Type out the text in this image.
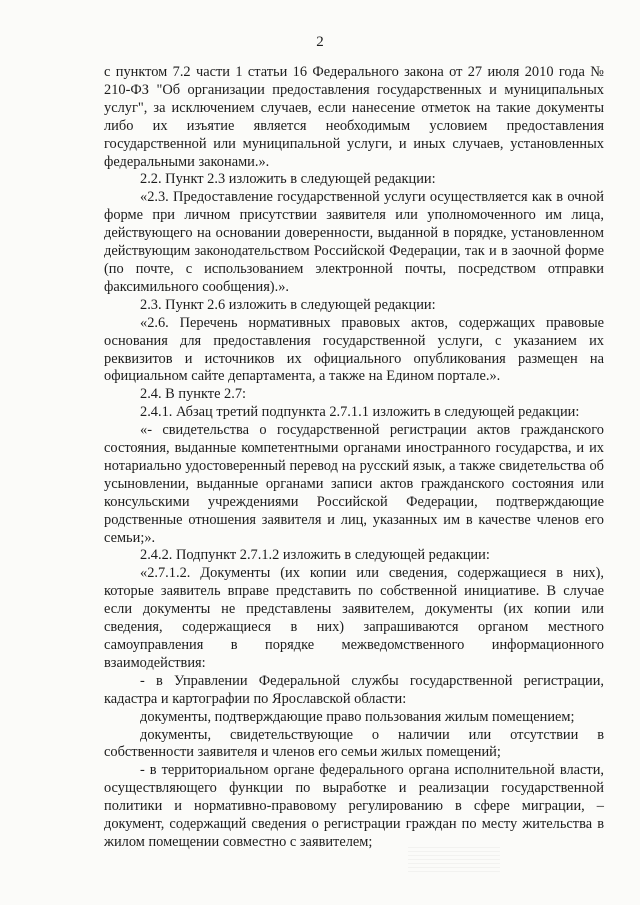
2

с пунктом 7.2 части 1 статьи 16 Федерального закона от 27 июля 2010 года № 210-ФЗ "Об организации предоставления государственных и муниципальных услуг", за исключением случаев, если нанесение отметок на такие документы либо их изъятие является необходимым условием предоставления государственной или муниципальной услуги, и иных случаев, установленных федеральными законами.».

2.2. Пункт 2.3 изложить в следующей редакции:

«2.3. Предоставление государственной услуги осуществляется как в очной форме при личном присутствии заявителя или уполномоченного им лица, действующего на основании доверенности, выданной в порядке, установленном действующим законодательством Российской Федерации, так и в заочной форме (по почте, с использованием электронной почты, посредством отправки факсимильного сообщения).».

2.3. Пункт 2.6 изложить в следующей редакции:

«2.6. Перечень нормативных правовых актов, содержащих правовые основания для предоставления государственной услуги, с указанием их реквизитов и источников их официального опубликования размещен на официальном сайте департамента, а также на Едином портале.».

2.4. В пункте 2.7:

2.4.1. Абзац третий подпункта 2.7.1.1 изложить в следующей редакции:

«- свидетельства о государственной регистрации актов гражданского состояния, выданные компетентными органами иностранного государства, и их нотариально удостоверенный перевод на русский язык, а также свидетельства об усыновлении, выданные органами записи актов гражданского состояния или консульскими учреждениями Российской Федерации, подтверждающие родственные отношения заявителя и лиц, указанных им в качестве членов его семьи;».

2.4.2. Подпункт 2.7.1.2 изложить в следующей редакции:

«2.7.1.2. Документы (их копии или сведения, содержащиеся в них), которые заявитель вправе представить по собственной инициативе. В случае если документы не представлены заявителем, документы (их копии или сведения, содержащиеся в них) запрашиваются органом местного самоуправления в порядке межведомственного информационного взаимодействия:

- в Управлении Федеральной службы государственной регистрации, кадастра и картографии по Ярославской области:

документы, подтверждающие право пользования жилым помещением;

документы, свидетельствующие о наличии или отсутствии в собственности заявителя и членов его семьи жилых помещений;

- в территориальном органе федерального органа исполнительной власти, осуществляющего функции по выработке и реализации государственной политики и нормативно-правовому регулированию в сфере миграции, – документ, содержащий сведения о регистрации граждан по месту жительства в жилом помещении совместно с заявителем;
